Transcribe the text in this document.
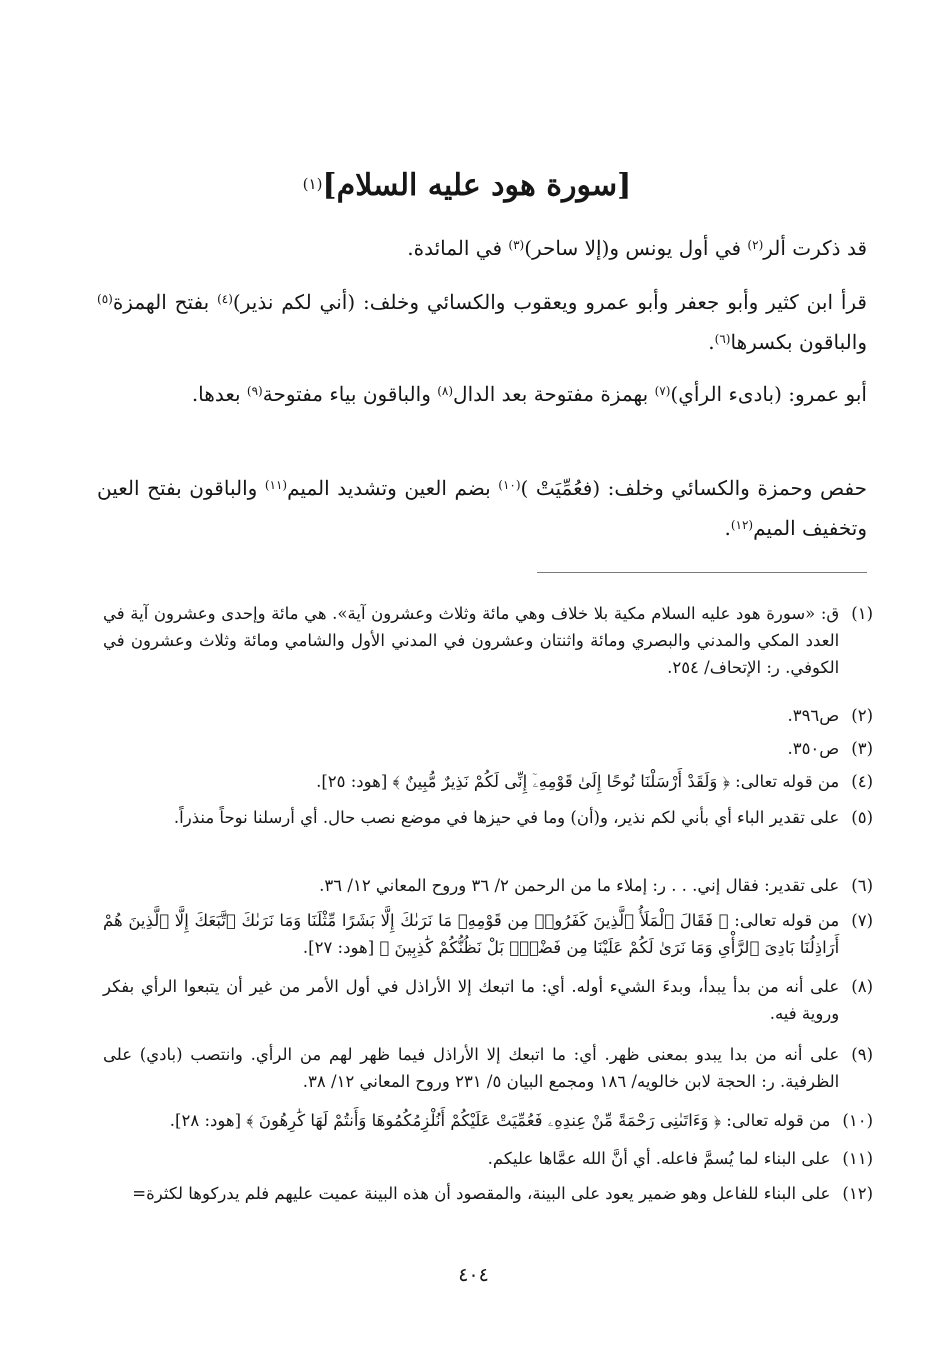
[سورة هود عليه السلام]$^{(١)}$

قد ذكرت ألر$^{(٢)}$ في أول يونس و(إلا ساحر)$^{(٣)}$ في المائدة.

قرأ ابن كثير وأبو جعفر وأبو عمرو ويعقوب والكسائي وخلف: (أني لكم نذير)$^{(٤)}$ بفتح الهمزة$^{(٥)}$ والباقون بكسرها$^{(٦)}$.

أبو عمرو: (بادىء الرأي)$^{(٧)}$ بهمزة مفتوحة بعد الدال$^{(٨)}$ والباقون بياء مفتوحة$^{(٩)}$ بعدها.

حفص وحمزة والكسائي وخلف: (فعُمِّيَتْ )$^{(١٠)}$ بضم العين وتشديد الميم$^{(١١)}$ والباقون بفتح العين وتخفيف الميم$^{(١٢)}$.

(١)
ق: «سورة هود عليه السلام مكية بلا خلاف وهي مائة وثلاث وعشرون آية». هي مائة وإحدى وعشرون آية في العدد المكي والمدني والبصري ومائة واثنتان وعشرون في المدني الأول والشامي ومائة وثلاث وعشرون في الكوفي. ر: الإتحاف/ ٢٥٤.
(٢)
ص٣٩٦.
(٣)
ص٣٥٠.
(٤)
من قوله تعالى: ﴿ وَلَقَدْ أَرْسَلْنَا نُوحًا إِلَىٰ قَوْمِهِۦٓ إِنِّى لَكُمْ نَذِيرٌ مُّبِينٌ ﴾ [هود: ٢٥].
(٥)
على تقدير الباء أي بأني لكم نذير، و(أن) وما في حيزها في موضع نصب حال. أي أرسلنا نوحاً منذراً.
(٦)
على تقدير: فقال إني. . . ر: إملاء ما من الرحمن ٢/ ٣٦ وروح المعاني ١٢/ ٣٦.
(٧)
من قوله تعالى: ﴿ فَقَالَ ٱلْمَلَأُ ٱلَّذِينَ كَفَرُوا۟ مِن قَوْمِهِۦ مَا نَرَىٰكَ إِلَّا بَشَرًا مِّثْلَنَا وَمَا نَرَىٰكَ ٱتَّبَعَكَ إِلَّا ٱلَّذِينَ هُمْ أَرَاذِلُنَا بَادِىَ ٱلرَّأْىِ وَمَا نَرَىٰ لَكُمْ عَلَيْنَا مِن فَضْلٍۭ بَلْ نَظُنُّكُمْ كَٰذِبِينَ ﴾ [هود: ٢٧].
(٨)
على أنه من بدأ يبدأ، وبدءَ الشيء أوله. أي: ما اتبعك إلا الأراذل في أول الأمر من غير أن يتبعوا الرأي بفكر وروية فيه.
(٩)
على أنه من بدا يبدو بمعنى ظهر. أي: ما اتبعك إلا الأراذل فيما ظهر لهم من الرأي. وانتصب (بادي) على الظرفية. ر: الحجة لابن خالويه/ ١٨٦ ومجمع البيان ٥/ ٢٣١ وروح المعاني ١٢/ ٣٨.
(١٠)
من قوله تعالى: ﴿ وَءَاتَىٰنِى رَحْمَةً مِّنْ عِندِهِۦ فَعُمِّيَتْ عَلَيْكُمْ أَنُلْزِمُكُمُوهَا وَأَنتُمْ لَهَا كَٰرِهُونَ ﴾ [هود: ٢٨].
(١١)
على البناء لما يُسمَّ فاعله. أي أنَّ الله عمَّاها عليكم.
(١٢)
على البناء للفاعل وهو ضمير يعود على البينة، والمقصود أن هذه البينة عميت عليهم فلم يدركوها لكثرة=
٤٠٤
